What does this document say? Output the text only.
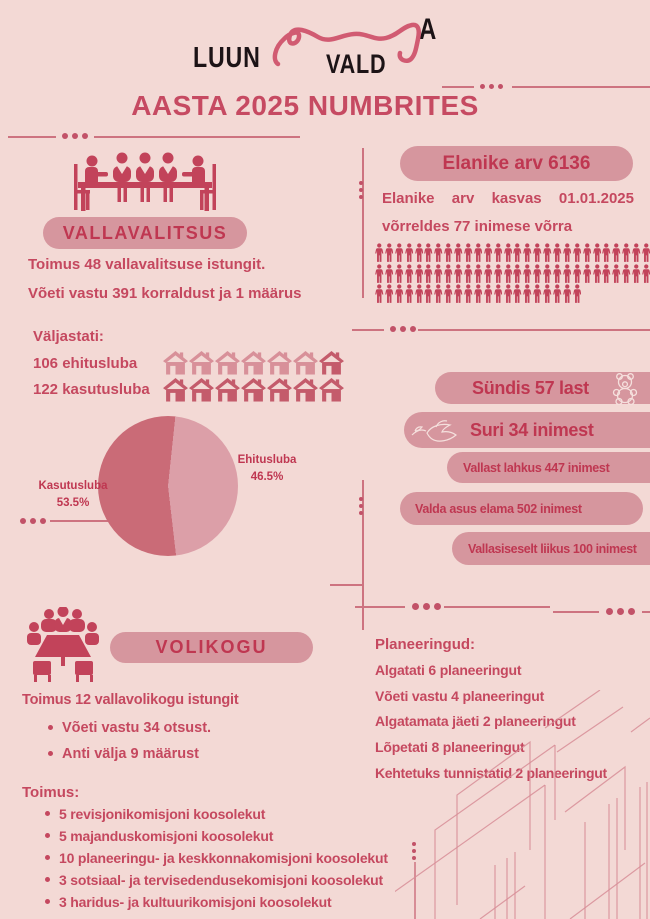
LUUN VALD
A
AASTA 2025 NUMBRITES
VALLAVALITSUS
Toimus 48 vallavalitsuse istungit.
Võeti vastu 391 korraldust ja 1 määrus
Väljastati:
106 ehitusluba
122 kasutusluba
Ehitusluba
46.5%
Kasutusluba
53.5%
Elanike arv 6136
Elanike arv kasvas 01.01.2025
võrreldes 77 inimese võrra
Sündis 57 last
Suri 34 inimest
Vallast lahkus 447 inimest
Valda asus elama 502 inimest
Vallasiseselt liikus 100 inimest
VOLIKOGU
Toimus 12 vallavolikogu istungit
Võeti vastu 34 otsust.
Anti välja 9 määrust
Toimus:
5 revisjonikomisjoni koosolekut
5 majanduskomisjoni koosolekut
10 planeeringu- ja keskkonnakomisjoni koosolekut
3 sotsiaal- ja tervisedendusekomisjoni koosolekut
3 haridus- ja kultuurikomisjoni koosolekut
Planeeringud:
Algatati 6 planeeringut
Võeti vastu 4 planeeringut
Algatamata jäeti 2 planeeringut
Lõpetati 8 planeeringut
Kehtetuks tunnistatid 2 planeeringut
